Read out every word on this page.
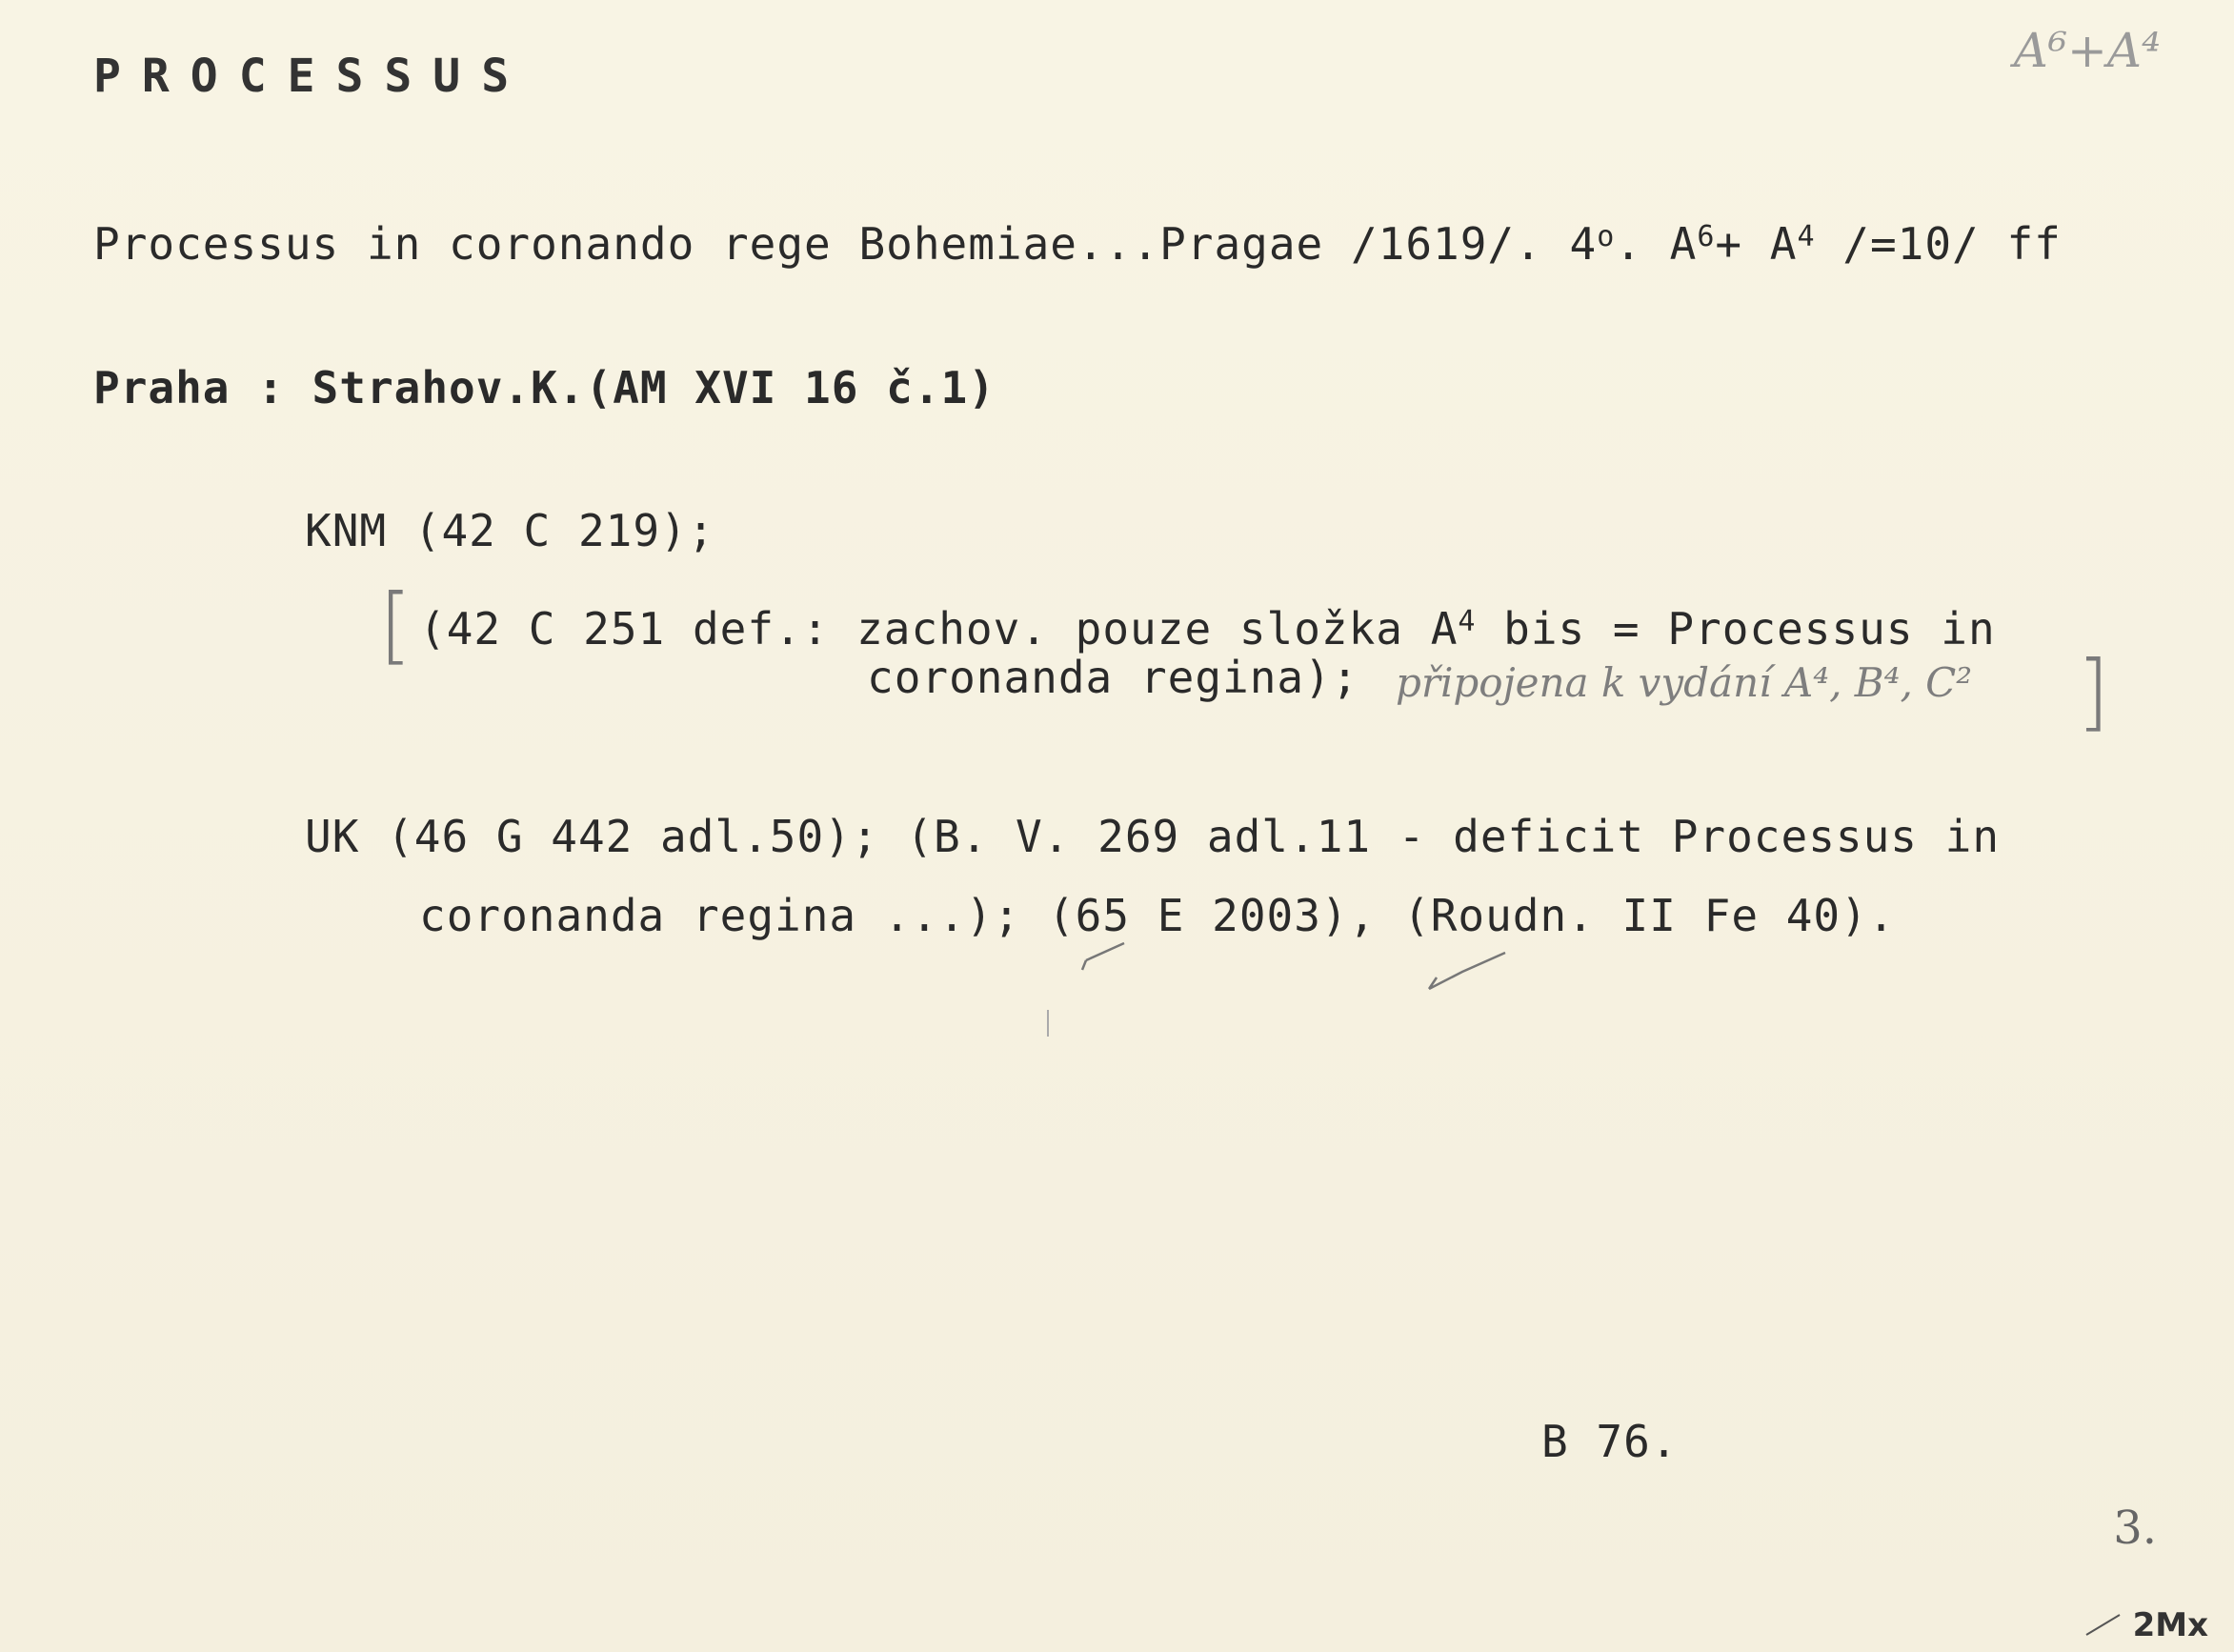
PROCESSUS	A⁶+A⁴
Processus in coronando rege Bohemiae...Pragae /1619/. 4$^o$. $A^6+ A^4$ /=10/ ff
Praha : Strahov.K.(AM XVI 16 č.1)
KNM (42 C 219);
[ (42 C 251 def.: zachov. pouze složka $A^4$ bis = Processus in
coronanda regina); připojena k vydání A⁴, B⁴, C² ]
UK (46 G 442 adl.50); (B. V. 269 adl.11 - deficit Processus in
coronanda regina ...); (65 E 2003), (Roudn. II Fe 40).
B 76.
3.
2Mx
